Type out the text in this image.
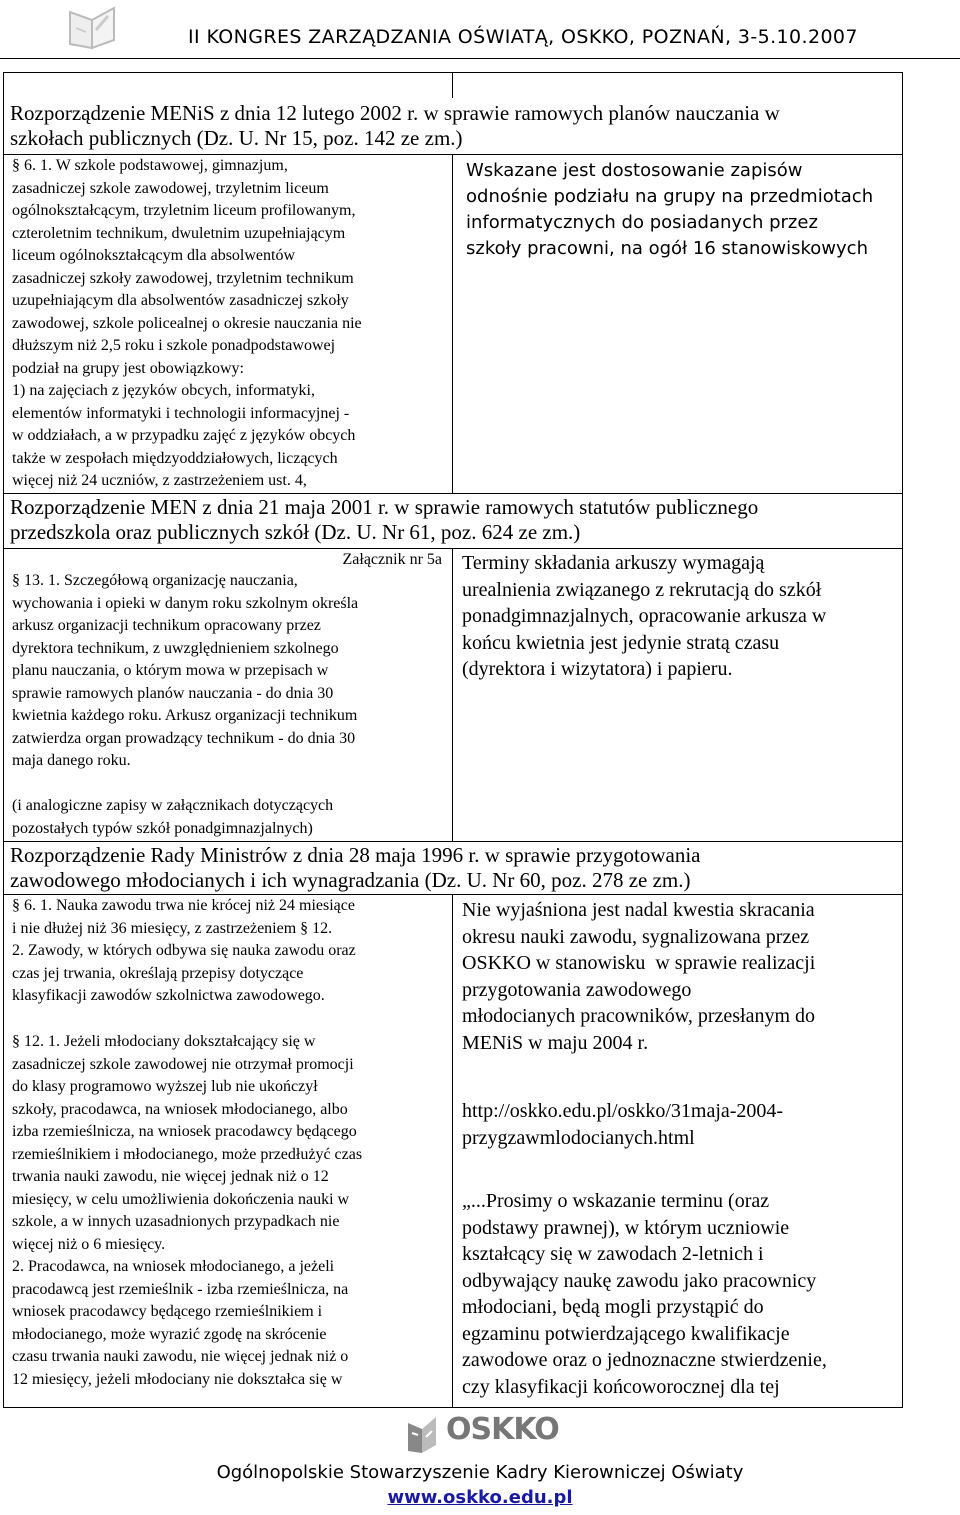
II KONGRES ZARZĄDZANIA OŚWIATĄ, OSKKO, POZNAŃ, 3-5.10.2007
Rozporządzenie MENiS z dnia 12 lutego 2002 r. w sprawie ramowych planów nauczania w
szkołach publicznych (Dz. U. Nr 15, poz. 142 ze zm.)
§ 6. 1. W szkole podstawowej, gimnazjum,
zasadniczej szkole zawodowej, trzyletnim liceum
ogólnokształcącym, trzyletnim liceum profilowanym,
czteroletnim technikum, dwuletnim uzupełniającym
liceum ogólnokształcącym dla absolwentów
zasadniczej szkoły zawodowej, trzyletnim technikum
uzupełniającym dla absolwentów zasadniczej szkoły
zawodowej, szkole policealnej o okresie nauczania nie
dłuższym niż 2,5 roku i szkole ponadpodstawowej
podział na grupy jest obowiązkowy:
1) na zajęciach z języków obcych, informatyki,
elementów informatyki i technologii informacyjnej -
w oddziałach, a w przypadku zajęć z języków obcych
także w zespołach międzyoddziałowych, liczących
więcej niż 24 uczniów, z zastrzeżeniem ust. 4,
Wskazane jest dostosowanie zapisów
odnośnie podziału na grupy na przedmiotach
informatycznych do posiadanych przez
szkoły pracowni, na ogół 16 stanowiskowych
Rozporządzenie MEN z dnia 21 maja 2001 r. w sprawie ramowych statutów publicznego
przedszkola oraz publicznych szkół (Dz. U. Nr 61, poz. 624 ze zm.)
Załącznik nr 5a
§ 13. 1. Szczegółową organizację nauczania,
wychowania i opieki w danym roku szkolnym określa
arkusz organizacji technikum opracowany przez
dyrektora technikum, z uwzględnieniem szkolnego
planu nauczania, o którym mowa w przepisach w
sprawie ramowych planów nauczania - do dnia 30
kwietnia każdego roku. Arkusz organizacji technikum
zatwierdza organ prowadzący technikum - do dnia 30
maja danego roku.
(i analogiczne zapisy w załącznikach dotyczących
pozostałych typów szkół ponadgimnazjalnych)
Terminy składania arkuszy wymagają
urealnienia związanego z rekrutacją do szkół
ponadgimnazjalnych, opracowanie arkusza w
końcu kwietnia jest jedynie stratą czasu
(dyrektora i wizytatora) i papieru.
Rozporządzenie Rady Ministrów z dnia 28 maja 1996 r. w sprawie przygotowania
zawodowego młodocianych i ich wynagradzania (Dz. U. Nr 60, poz. 278 ze zm.)
§ 6. 1. Nauka zawodu trwa nie krócej niż 24 miesiące
i nie dłużej niż 36 miesięcy, z zastrzeżeniem § 12.
2. Zawody, w których odbywa się nauka zawodu oraz
czas jej trwania, określają przepisy dotyczące
klasyfikacji zawodów szkolnictwa zawodowego.
§ 12. 1. Jeżeli młodociany dokształcający się w
zasadniczej szkole zawodowej nie otrzymał promocji
do klasy programowo wyższej lub nie ukończył
szkoły, pracodawca, na wniosek młodocianego, albo
izba rzemieślnicza, na wniosek pracodawcy będącego
rzemieślnikiem i młodocianego, może przedłużyć czas
trwania nauki zawodu, nie więcej jednak niż o 12
miesięcy, w celu umożliwienia dokończenia nauki w
szkole, a w innych uzasadnionych przypadkach nie
więcej niż o 6 miesięcy.
2. Pracodawca, na wniosek młodocianego, a jeżeli
pracodawcą jest rzemieślnik - izba rzemieślnicza, na
wniosek pracodawcy będącego rzemieślnikiem i
młodocianego, może wyrazić zgodę na skrócenie
czasu trwania nauki zawodu, nie więcej jednak niż o
12 miesięcy, jeżeli młodociany nie dokształca się w
Nie wyjaśniona jest nadal kwestia skracania
okresu nauki zawodu, sygnalizowana przez
OSKKO w stanowisku  w sprawie realizacji
przygotowania zawodowego
młodocianych pracowników, przesłanym do
MENiS w maju 2004 r.
http://oskko.edu.pl/oskko/31maja-2004-
przygzawmlodocianych.html
„...Prosimy o wskazanie terminu (oraz
podstawy prawnej), w którym uczniowie
kształcący się w zawodach 2-letnich i
odbywający naukę zawodu jako pracownicy
młodociani, będą mogli przystąpić do
egzaminu potwierdzającego kwalifikacje
zawodowe oraz o jednoznaczne stwierdzenie,
czy klasyfikacji końcoworocznej dla tej
OSKKO
Ogólnopolskie Stowarzyszenie Kadry Kierowniczej Oświaty
www.oskko.edu.pl
